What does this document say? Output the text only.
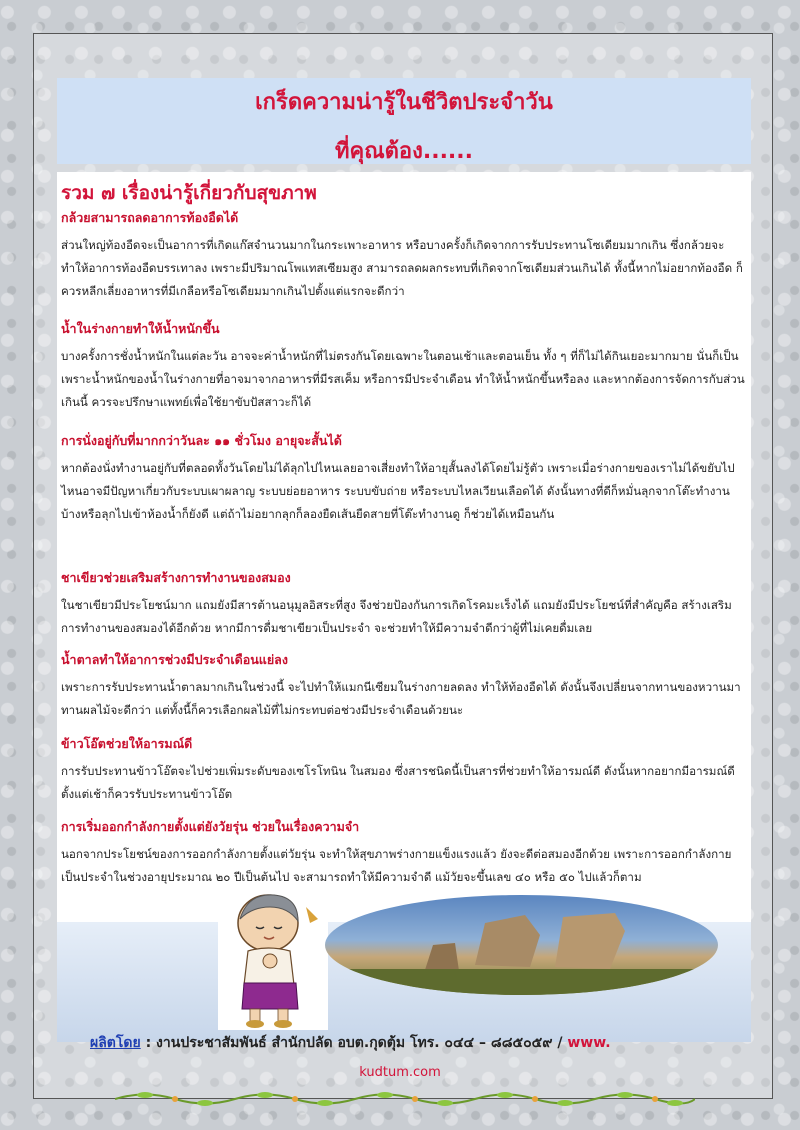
เกร็ดความน่ารู้ในชีวิตประจำวัน
ที่คุณต้อง......
รวม ๗ เรื่องน่ารู้เกี่ยวกับสุขภาพ
กล้วยสามารถลดอาการท้องอืดได้
ส่วนใหญ่ท้องอืดจะเป็นอาการที่เกิดแก๊สจำนวนมากในกระเพาะอาหาร หรือบางครั้งก็เกิดจากการรับประทานโซเดียมมากเกิน ซึ่งกล้วยจะทำให้อาการท้องอืดบรรเทาลง เพราะมีปริมาณโพแทสเซียมสูง สามารถลดผลกระทบที่เกิดจากโซเดียมส่วนเกินได้ ทั้งนี้หากไม่อยากท้องอืด ก็ ควรหลีกเลี่ยงอาหารที่มีเกลือหรือโซเดียมมากเกินไปตั้งแต่แรกจะดีกว่า
น้ำในร่างกายทำให้น้ำหนักขึ้น
บางครั้งการชั่งน้ำหนักในแต่ละวัน อาจจะค่าน้ำหนักที่ไม่ตรงกันโดยเฉพาะในตอนเช้าและตอนเย็น ทั้ง ๆ ที่ก็ไม่ได้กินเยอะมากมาย นั่นก็เป็นเพราะน้ำหนักของน้ำในร่างกายที่อาจมาจากอาหารที่มีรสเค็ม หรือการมีประจำเดือน ทำให้น้ำหนักขึ้นหรือลง และหากต้องการจัดการกับส่วนเกินนี้ ควรจะปรึกษาแพทย์เพื่อใช้ยาขับปัสสาวะก็ได้
การนั่งอยู่กับที่มากกว่าวันละ ๑๑ ชั่วโมง อายุจะสั้นได้
หากต้องนั่งทำงานอยู่กับที่ตลอดทั้งวันโดยไม่ได้ลุกไปไหนเลยอาจเสี่ยงทำให้อายุสั้นลงได้โดยไม่รู้ตัว เพราะเมื่อร่างกายของเราไม่ได้ขยับไปไหนอาจมีปัญหาเกี่ยวกับระบบเผาผลาญ ระบบย่อยอาหาร ระบบขับถ่าย หรือระบบไหลเวียนเลือดได้ ดังนั้นทางที่ดีก็หมั่นลุกจากโต๊ะทำงานบ้างหรือลุกไปเข้าห้องน้ำก็ยังดี แต่ถ้าไม่อยากลุกก็ลองยืดเส้นยืดสายที่โต๊ะทำงานดู ก็ช่วยได้เหมือนกัน
ชาเขียวช่วยเสริมสร้างการทำงานของสมอง
ในชาเขียวมีประโยชน์มาก แถมยังมีสารต้านอนุมูลอิสระที่สูง จึงช่วยป้องกันการเกิดโรคมะเร็งได้ แถมยังมีประโยชน์ที่สำคัญคือ สร้างเสริมการทำงานของสมองได้อีกด้วย หากมีการดื่มชาเขียวเป็นประจำ จะช่วยทำให้มีความจำดีกว่าผู้ที่ไม่เคยดื่มเลย
น้ำตาลทำให้อาการช่วงมีประจำเดือนแย่ลง
เพราะการรับประทานน้ำตาลมากเกินในช่วงนี้ จะไปทำให้แมกนีเซียมในร่างกายลดลง ทำให้ท้องอืดได้ ดังนั้นจึงเปลี่ยนจากทานของหวานมาทานผลไม้จะดีกว่า แต่ทั้งนี้ก็ควรเลือกผลไม้ที่ไม่กระทบต่อช่วงมีประจำเดือนด้วยนะ
ข้าวโอ๊ตช่วยให้อารมณ์ดี
การรับประทานข้าวโอ๊ตจะไปช่วยเพิ่มระดับของเซโรโทนิน ในสมอง ซึ่งสารชนิดนี้เป็นสารที่ช่วยทำให้อารมณ์ดี ดังนั้นหากอยากมีอารมณ์ดีตั้งแต่เช้าก็ควรรับประทานข้าวโอ๊ต
การเริ่มออกกำลังกายตั้งแต่ยังวัยรุ่น ช่วยในเรื่องความจำ
นอกจากประโยชน์ของการออกกำลังกายตั้งแต่วัยรุ่น จะทำให้สุขภาพร่างกายแข็งแรงแล้ว ยังจะดีต่อสมองอีกด้วย เพราะการออกกำลังกายเป็นประจำในช่วงอายุประมาณ ๒๐ ปีเป็นต้นไป จะสามารถทำให้มีความจำดี แม้วัยจะขึ้นเลข ๔๐ หรือ ๕๐ ไปแล้วก็ตาม
ผลิตโดย : งานประชาสัมพันธ์ สำนักปลัด อบต.กุดตุ้ม โทร. ๐๔๔ – ๘๘๕๐๕๙ / www.
kudtum.com
